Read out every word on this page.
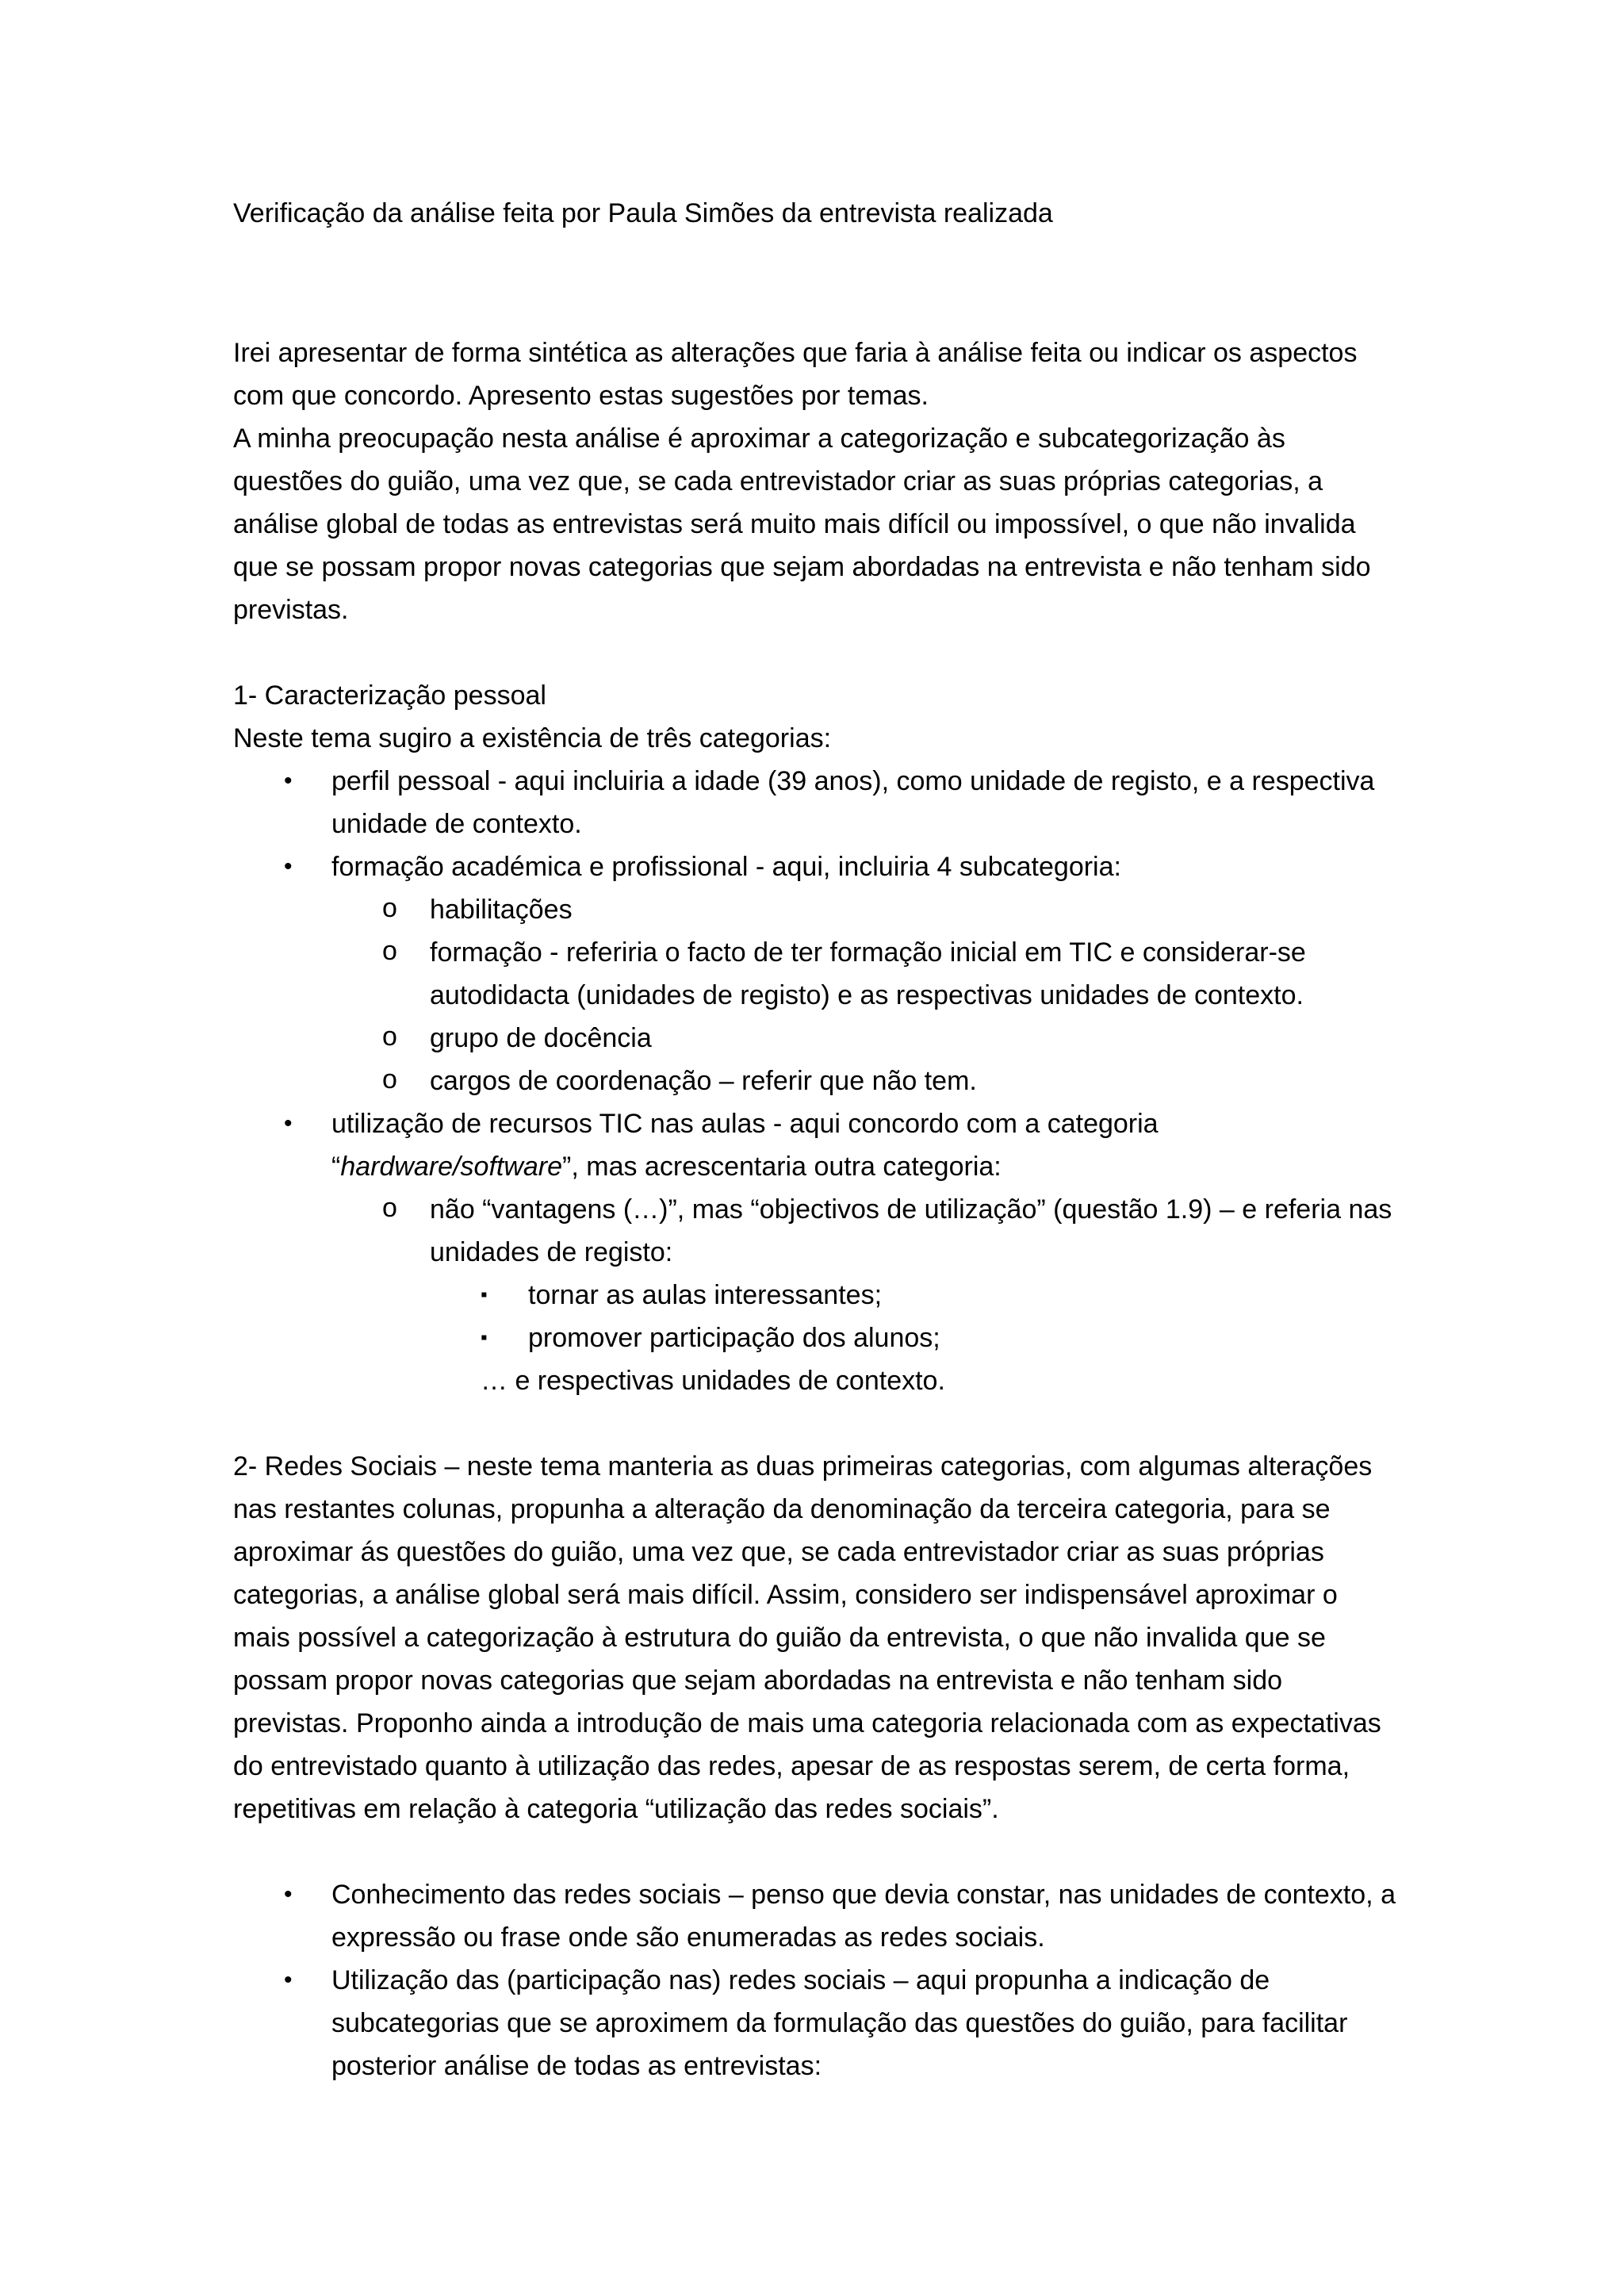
Verificação da análise feita por Paula Simões da entrevista realizada

Irei apresentar de forma sintética as alterações que faria à análise feita ou indicar os aspectos com que concordo. Apresento estas sugestões por temas.

A minha preocupação nesta análise é aproximar a categorização e subcategorização às questões do guião, uma vez que, se cada entrevistador criar as suas próprias categorias, a análise global de todas as entrevistas será muito mais difícil ou impossível, o que não invalida que se possam propor novas categorias que sejam abordadas na entrevista e não tenham sido previstas.

1- Caracterização pessoal

Neste tema sugiro a existência de três categorias:

• perfil pessoal - aqui incluiria a idade (39 anos), como unidade de registo, e a respectiva unidade de contexto.
• formação académica e profissional - aqui, incluiria 4 subcategoria:
o habilitações
o formação - referiria o facto de ter formação inicial em TIC e considerar-se autodidacta (unidades de registo) e as respectivas unidades de contexto.
o grupo de docência
o cargos de coordenação – referir que não tem.
• utilização de recursos TIC nas aulas - aqui concordo com a categoria “hardware/software”, mas acrescentaria outra categoria:
o não “vantagens (…)”, mas “objectivos de utilização” (questão 1.9) – e referia nas unidades de registo:
▪ tornar as aulas interessantes;
▪ promover participação dos alunos;

… e respectivas unidades de contexto.

2- Redes Sociais – neste tema manteria as duas primeiras categorias, com algumas alterações nas restantes colunas, propunha a alteração da denominação da terceira categoria, para se aproximar ás questões do guião, uma vez que, se cada entrevistador criar as suas próprias categorias, a análise global será mais difícil. Assim, considero ser indispensável aproximar o mais possível a categorização à estrutura do guião da entrevista, o que não invalida que se possam propor novas categorias que sejam abordadas na entrevista e não tenham sido previstas. Proponho ainda a introdução de mais uma categoria relacionada com as expectativas do entrevistado quanto à utilização das redes, apesar de as respostas serem, de certa forma, repetitivas em relação à categoria “utilização das redes sociais”.

• Conhecimento das redes sociais – penso que devia constar, nas unidades de contexto, a expressão ou frase onde são enumeradas as redes sociais.
• Utilização das (participação nas) redes sociais – aqui propunha a indicação de subcategorias que se aproximem da formulação das questões do guião, para facilitar posterior análise de todas as entrevistas:
